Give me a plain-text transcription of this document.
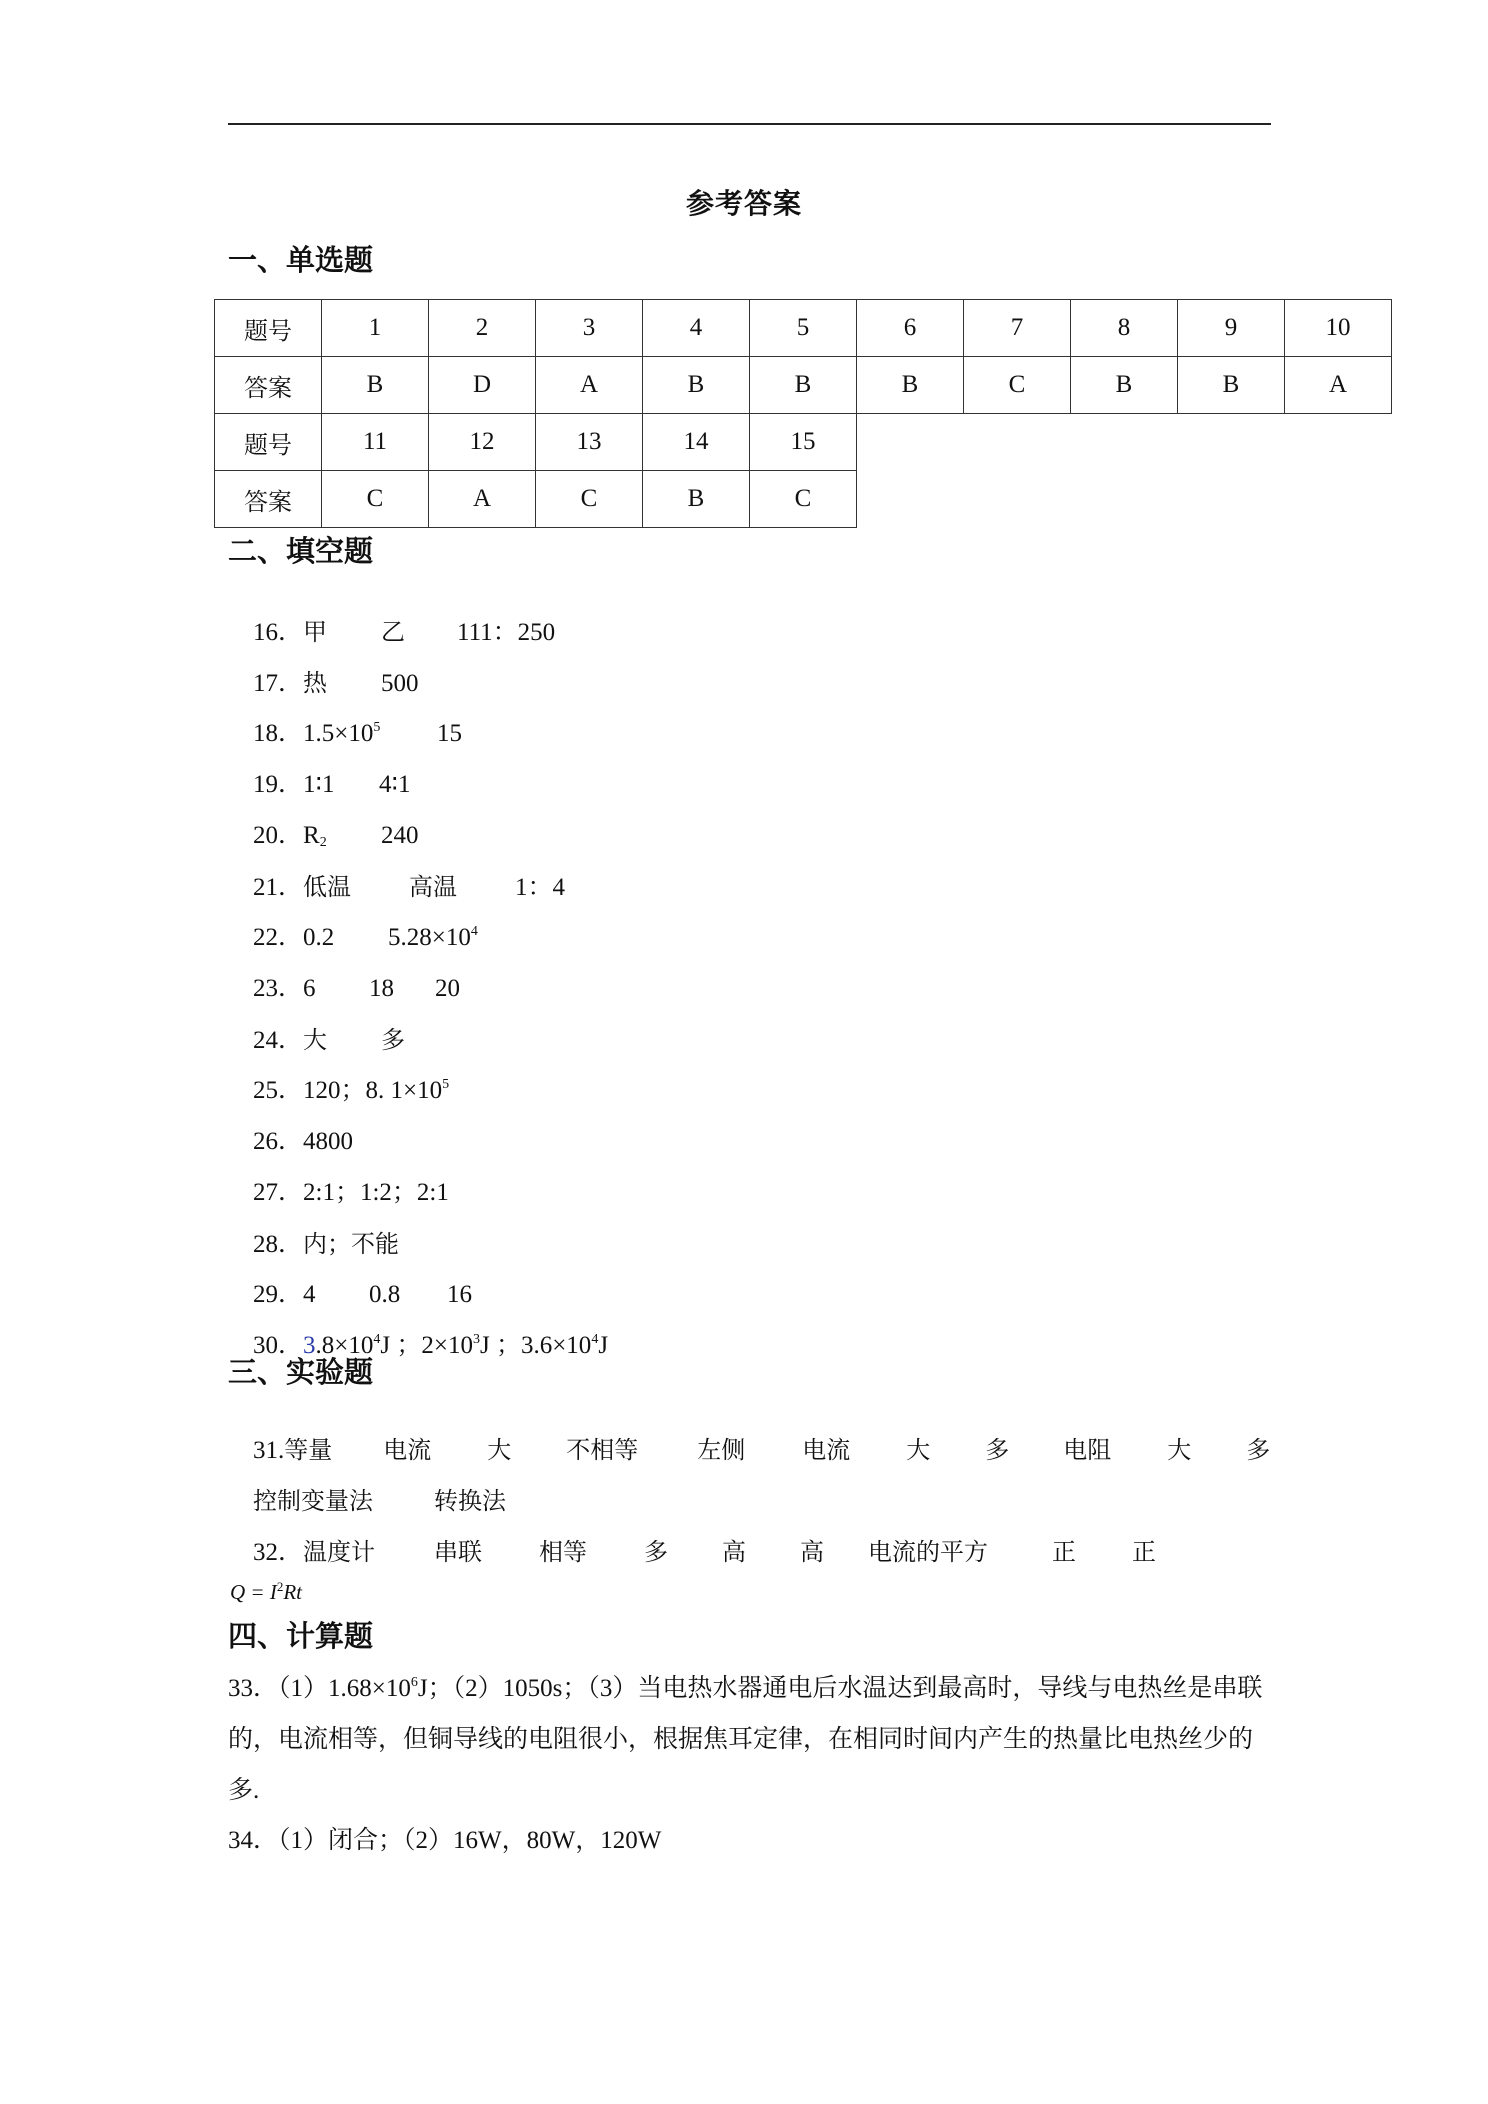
参考答案
一、单选题
题号	1	2	3	4	5	6	7	8	9	10
答案	B	D	A	B	B	B	C	B	B	A
题号	11	12	13	14	15					
答案	C	A	C	B	C					
二、填空题

16．甲 乙 111：250

17．热 500

18．$1.5\times 10^5$ 15

19．1∶1 4∶1

20．$R_2$ 240

21．低温 高温 1：4

22．0.2 $5.28\times 10^4$

23．6 18 20

24．大 多

25．120；8. $1\times 10^5$

26．4800

27．2:1；1:2；2:1

28．内；不能

29．4 0.8 16

30．$3.8\times 10^4J$ ；$2\times 10^3J$ ；$3.6\times 10^4J$

三、实验题

31.等量 电流 大 不相等 左侧 电流 大 多 电阻 大 多

控制变量法	转换法

32．温度计 串联 相等 多 高 高 电流的平方	正 正

$Q = I^2Rt$
四、计算题
33．$(1)1.68\times 10^6J$；（2）1050s；（3）当电热水器通电后水温达到最高时，导线与电热丝是串联的，电流相等，但铜导线的电阻很小，根据焦耳定律，在相同时间内产生的热量比电热丝少的多.
34．（1）闭合；（2）16W，80W，120W
